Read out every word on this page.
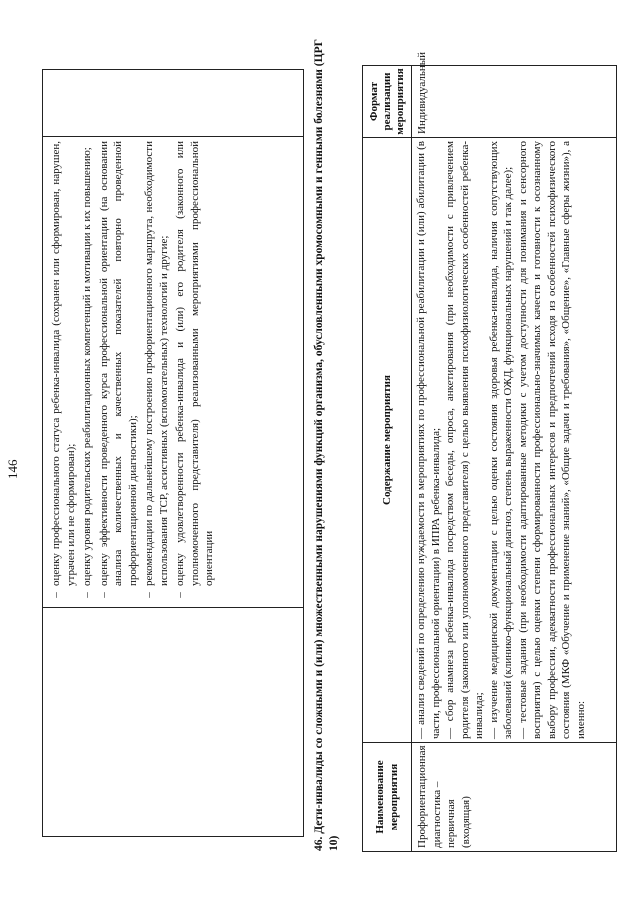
146
–
оценку профессионального статуса ребенка-инвалида (сохранен или сформирован, нарушен, утрачен или не сформирован);
–
оценку уровня родительских реабилитационных компетенций и мотивации к их повышению;
–
оценку эффективности проведенного курса профессиональной ориентации (на основании анализа количественных и качественных показателей повторно проведенной профориентационной диагностики);
–
рекомендации по дальнейшему построению профориентационного маршрута, необходимости использования ТСР, ассистивных (вспомогательных) технологий и другие;
–
оценку удовлетворенности ребенка-инвалида и (или) его родителя (законного или уполномоченного представителя) реализованными мероприятиями профессиональной ориентации	46. Дети-инвалиды со сложными и (или) множественными нарушениями функций организма, обусловленными хромосомными и генными болезнями (ЦРГ 10)
Наименование мероприятия
Содержание мероприятия
Формат реализации мероприятия
Профориентационная диагностика – первичная (входящая)

— анализ сведений по определению нуждаемости в мероприятиях по профессиональной реабилитации и (или) абилитации (в части, профессиональной ориентации) в ИПРА ребенка-инвалида; — сбор анамнеза ребенка-инвалида посредством беседы, опроса, анкетирования (при необходимости с привлечением родителя (законного или уполномоченного представителя) с целью выявления психофизиологических особенностей ребенка-инвалида; — изучение медицинской документации с целью оценки состояния здоровья ребенка-инвалида, наличия сопутствующих заболеваний (клинико-функциональный диагноз, степень выраженности ОЖД, функциональных нарушений и так далее); — тестовые задания (при необходимости адаптированные методики с учетом доступности для понимания и сенсорного восприятия) с целью оценки степени сформированности профессионально-значимых качеств и готовности к осознанному выбору профессии, адекватности профессиональных интересов и предпочтений исходя из особенностей психофизического состояния (МКФ «Обучение и применение знаний», «Общие задачи и требования», «Общение», «Главные сферы жизни»), а именно:

Индивидуальный
